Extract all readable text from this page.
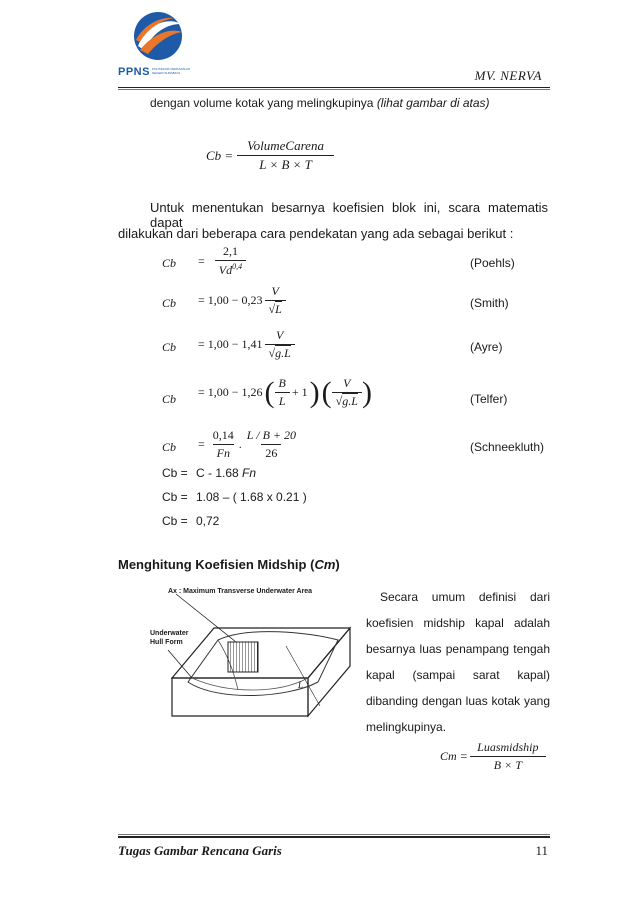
PPNS POLITEKNIK PERKAPALAN NEGERI SURABAYA	MV. NERVA
dengan volume kotak yang melingkupinya (lihat gambar di atas)
$Cb = \frac{\text{VolumeCarena}}{L \times B \times T}$
Untuk menentukan besarnya koefisien blok ini, scara matematis dapat
dilakukan dari beberapa cara pendekatan yang ada sebagai berikut :
Cb
Cb
Cb
Cb
Cb
(Poehls)
(Smith)
(Ayre)
(Telfer)
(Schneekluth)
= $\frac{2,1}{Vd^{0,4}}$
= $1,00 - 0,23 \frac{V}{√L}$
= $1,00 - 1,41 \frac{V}{√g.L}$
= 1,00 − 1,26 ( $\frac{B}{L} + 1$ ) ( $\frac{V}{√g.L}$ )
= $\frac{0,14}{Fn}$ . $\frac{L / B + 20}{26}$
Cb = C - 1.68 Fn
Cb = 1.08 – ( 1.68 x 0.21 )
Cb = 0,72
Menghitung Koefisien Midship (Cm)
Ax : Maximum Transverse Underwater Area
Underwater
Hull Form
L
Secara umum definisi dari
koefisien midship kapal adalah
besarnya luas penampang tengah
kapal (sampai sarat kapal)
dibanding dengan luas kotak yang
melingkupinya.
$Cm = \frac{\text{Luasmidship}}{B \times T}$
Tugas Gambar Rencana Garis	11
